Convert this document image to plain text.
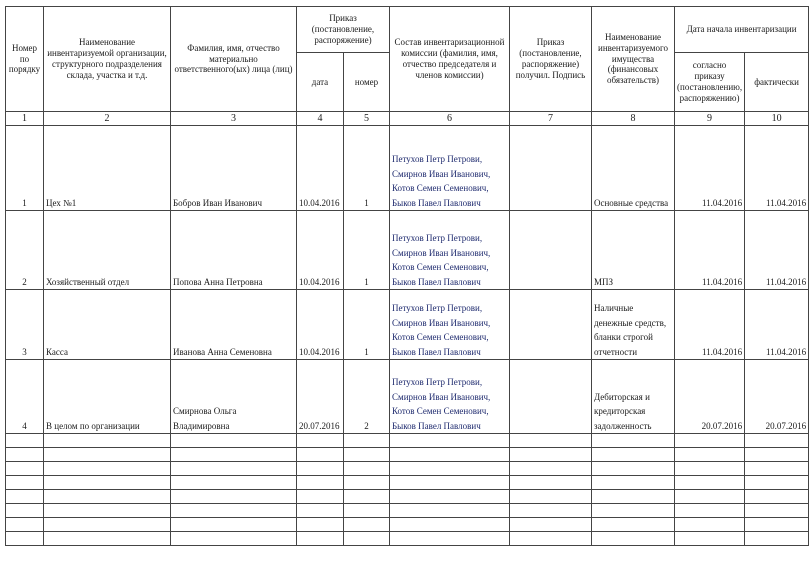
Номер по порядку	Наименование инвентаризуемой организации, структурного подразделения склада, участка и т.д.	Фамилия, имя, отчество материально ответственного(ых) лица (лиц)	Приказ (постановление, распоряжение)		Состав инвентаризационной комиссии (фамилия, имя, отчество председателя и членов комиссии)	Приказ (постановление, распоряжение) получил. Подпись	Наименование инвентаризуемого имущества (финансовых обязательств)	Дата начала инвентаризации	
			дата	номер				согласно приказу (постановлению, распоряжению)	фактически
1	2	3	4	5	6	7	8	9	10
1	Цех №1	Бобров Иван Иванович	10.04.2016	1	Петухов Петр Петрови, Смирнов Иван Иванович, Котов Семен Семенович, Быков Павел Павлович		Основные средства	11.04.2016	11.04.2016
2	Хозяйственный отдел	Попова Анна Петровна	10.04.2016	1	Петухов Петр Петрови, Смирнов Иван Иванович, Котов Семен Семенович, Быков Павел Павлович		МПЗ	11.04.2016	11.04.2016
3	Касса	Иванова Анна Семеновна	10.04.2016	1	Петухов Петр Петрови, Смирнов Иван Иванович, Котов Семен Семенович, Быков Павел Павлович		Наличные денежные средств, бланки строгой отчетности	11.04.2016	11.04.2016
4	В целом по организации	Смирнова Ольга Владимировна	20.07.2016	2	Петухов Петр Петрови, Смирнов Иван Иванович, Котов Семен Семенович, Быков Павел Павлович		Дебиторская и кредиторская задолженность	20.07.2016	20.07.2016
